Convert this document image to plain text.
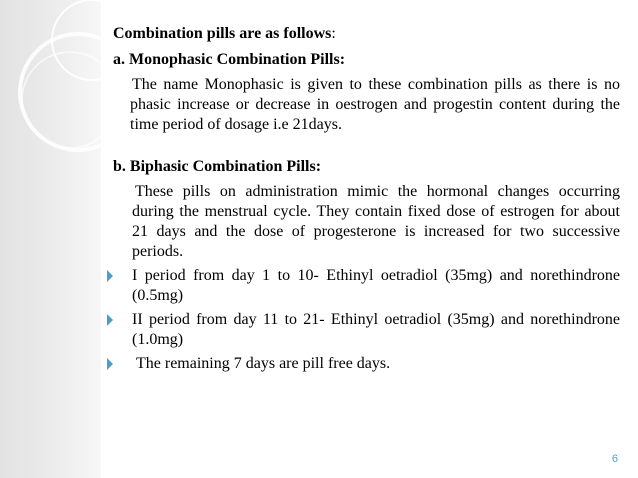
Combination pills are as follows:
a. Monophasic Combination Pills:
The name Monophasic is given to these combination pills as there is no phasic increase or decrease in oestrogen and progestin content during the time period of dosage i.e 21days.
b. Biphasic Combination Pills:
These pills on administration mimic the hormonal changes occurring during the menstrual cycle. They contain fixed dose of estrogen for about 21 days and the dose of progesterone is increased for two successive periods.
I period from day 1 to 10- Ethinyl oetradiol (35mg) and norethindrone (0.5mg)
II period from day 11 to 21- Ethinyl oetradiol (35mg) and norethindrone (1.0mg)
The remaining 7 days are pill free days.
6
